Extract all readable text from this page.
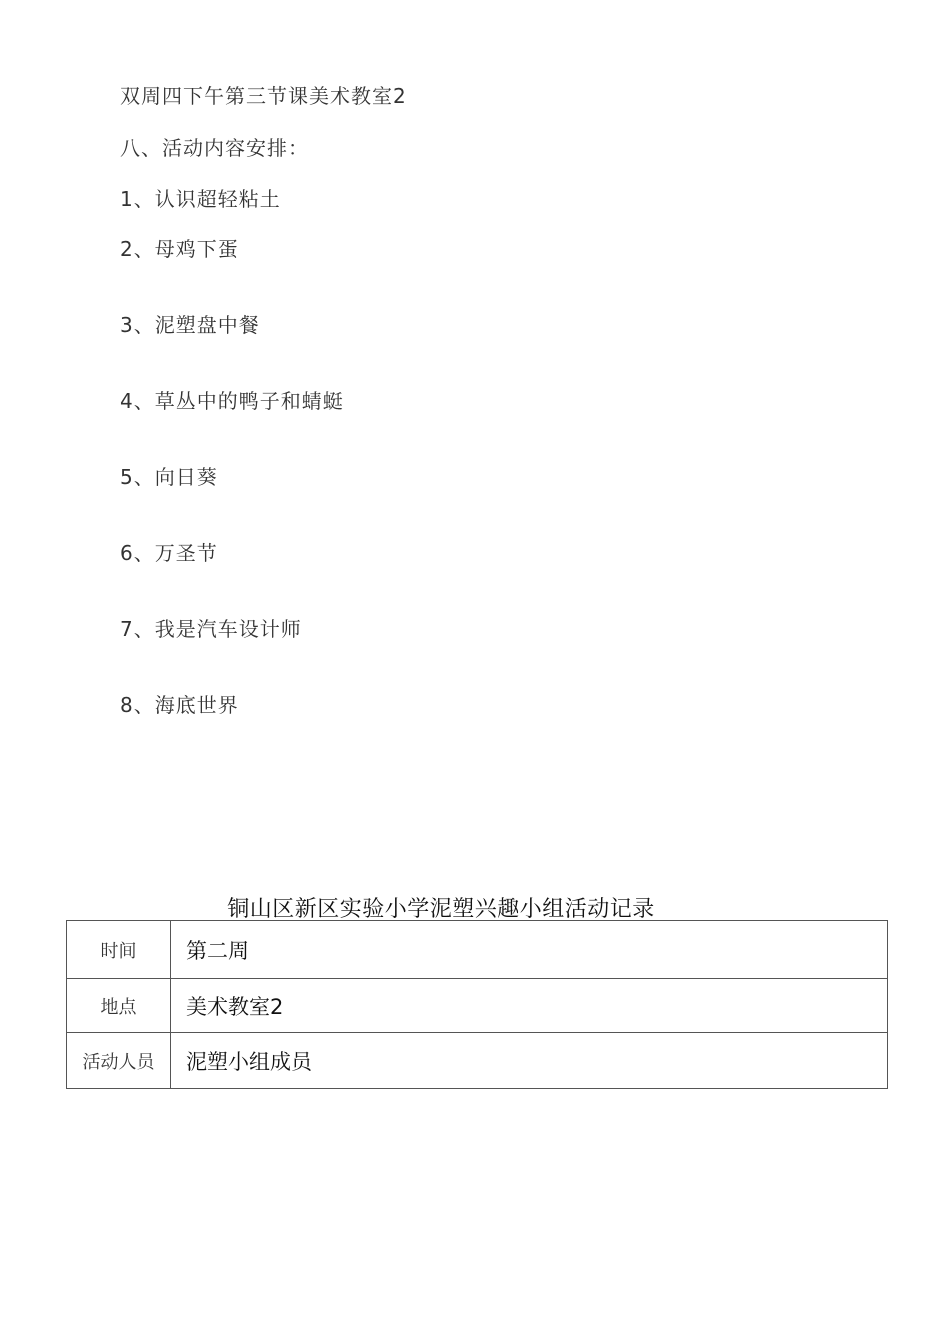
双周四下午第三节课美术教室2
八、活动内容安排：
1、认识超轻粘土
2、母鸡下蛋
3、泥塑盘中餐
4、草丛中的鸭子和蜻蜓
5、向日葵
6、万圣节
7、我是汽车设计师
8、海底世界
铜山区新区实验小学泥塑兴趣小组活动记录
时间	第二周
地点	美术教室2
活动人员	泥塑小组成员
